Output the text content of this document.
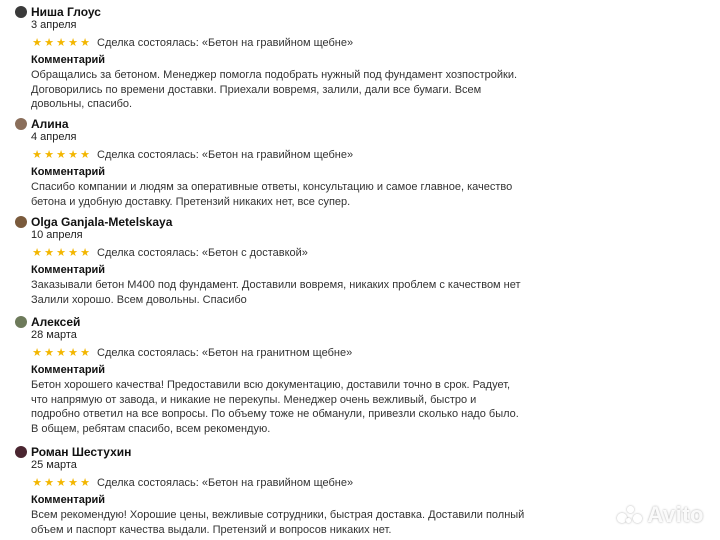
Ниша Глоус
3 апреля
★ ★ ★ ★ ★ Сделка состоялась: «Бетон на гравийном щебне»
Комментарий
Обращались за бетоном. Менеджер помогла подобрать нужный под фундамент хозпостройки.
Договорились по времени доставки. Приехали вовремя, залили, дали все бумаги. Всем
довольны, спасибо.
Алина
4 апреля
★ ★ ★ ★ ★ Сделка состоялась: «Бетон на гравийном щебне»
Комментарий
Спасибо компании и людям за оперативные ответы, консультацию и самое главное, качество
бетона и удобную доставку. Претензий никаких нет, все супер.
Olga Ganjala-Metelskaya
10 апреля
★ ★ ★ ★ ★ Сделка состоялась: «Бетон с доставкой»
Комментарий
Заказывали бетон М400 под фундамент. Доставили вовремя, никаких проблем с качеством нет
Залили хорошо. Всем довольны. Спасибо
Алексей
28 марта
★ ★ ★ ★ ★ Сделка состоялась: «Бетон на гранитном щебне»
Комментарий
Бетон хорошего качества! Предоставили всю документацию, доставили точно в срок. Радует,
что напрямую от завода, и никакие не перекупы. Менеджер очень вежливый, быстро и
подробно ответил на все вопросы. По объему тоже не обманули, привезли сколько надо было.
В общем, ребятам спасибо, всем рекомендую.
Роман Шестухин
25 марта
★ ★ ★ ★ ★ Сделка состоялась: «Бетон на гравийном щебне»
Комментарий
Всем рекомендую! Хорошие цены, вежливые сотрудники, быстрая доставка. Доставили полный
объем и паспорт качества выдали. Претензий и вопросов никаких нет.
Avito
